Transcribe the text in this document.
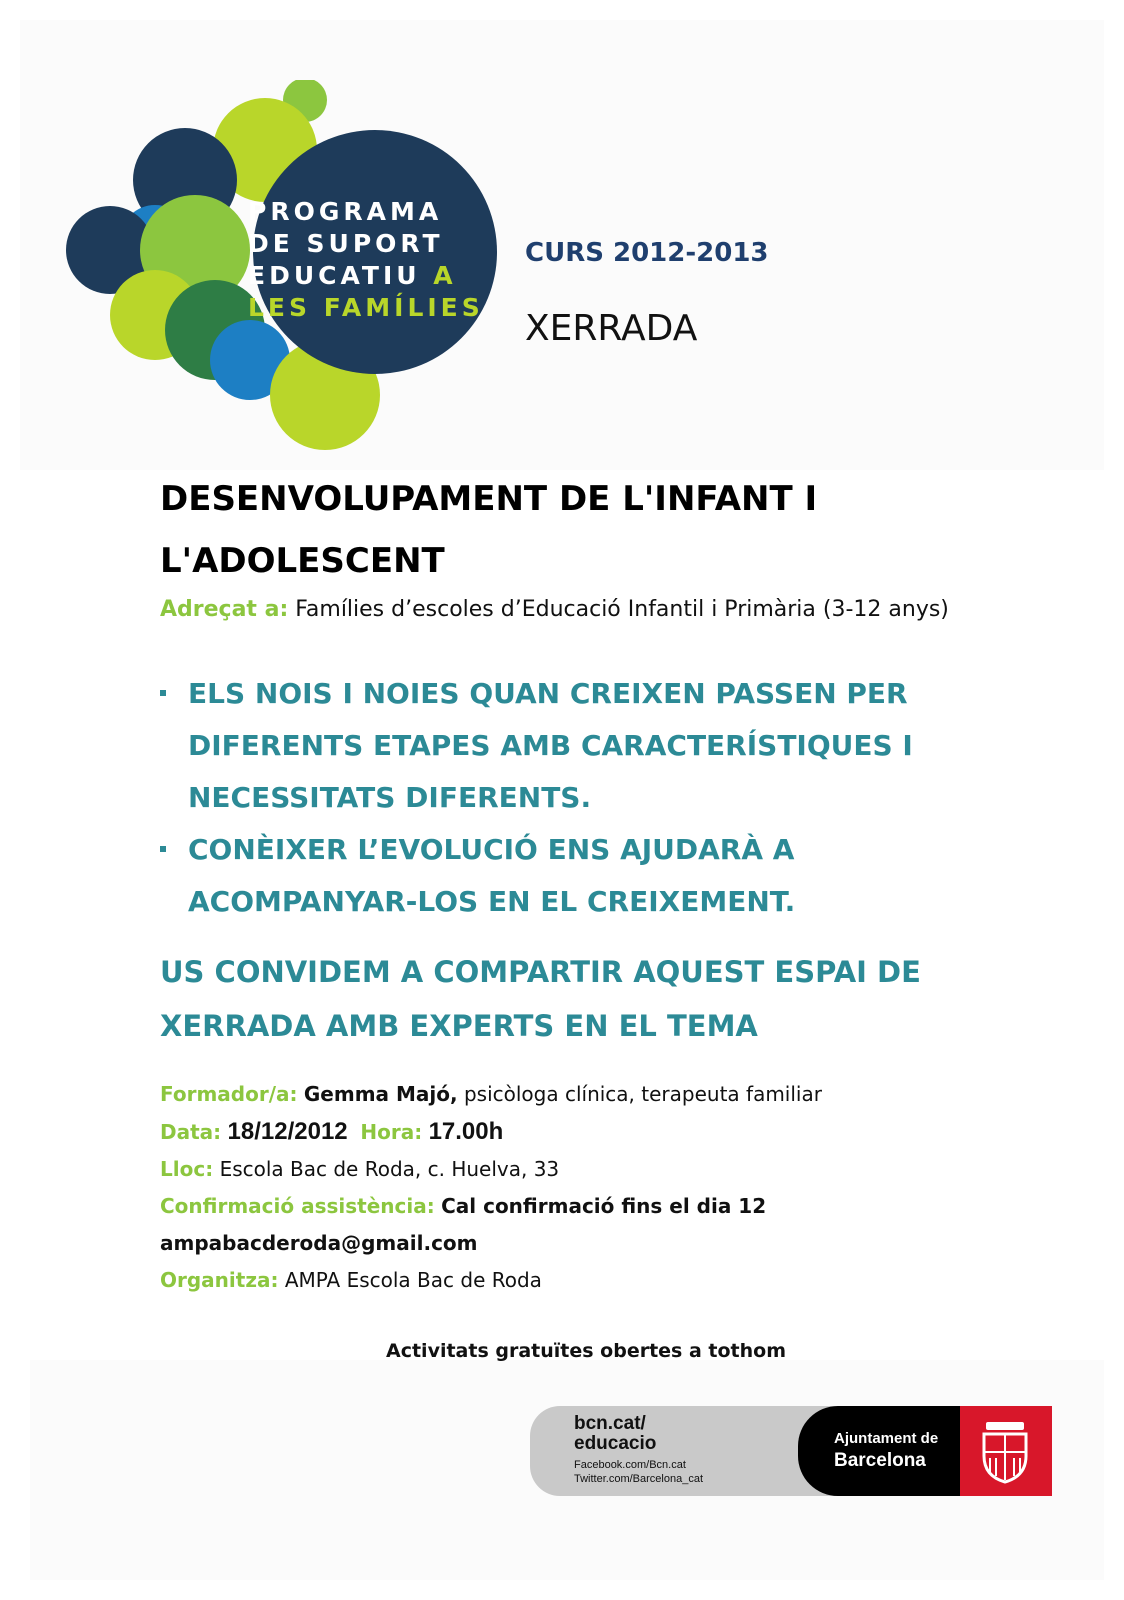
PROGRAMA
DE SUPORT
EDUCATIU A
LES FAMÍLIES
CURS 2012-2013
XERRADA
DESENVOLUPAMENT DE L'INFANT I L'ADOLESCENT
Adreçat a: Famílies d’escoles d’Educació Infantil i Primària (3-12 anys)
ELS NOIS I NOIES QUAN CREIXEN PASSEN PER DIFERENTS ETAPES AMB CARACTERÍSTIQUES I NECESSITATS DIFERENTS.
CONÈIXER L’EVOLUCIÓ ENS AJUDARÀ A ACOMPANYAR-LOS EN EL CREIXEMENT.
US CONVIDEM A COMPARTIR AQUEST ESPAI DE XERRADA AMB EXPERTS EN EL TEMA
Formador/a: Gemma Majó, psicòloga clínica, terapeuta familiar
Data: 18/12/2012 Hora: 17.00h
Lloc: Escola Bac de Roda, c. Huelva, 33
Confirmació assistència: Cal confirmació fins el dia 12
ampabacderoda@gmail.com
Organitza: AMPA Escola Bac de Roda
Activitats gratuïtes obertes a tothom
bcn.cat/
educacio
Facebook.com/Bcn.cat
Twitter.com/Barcelona_cat
Ajuntament de
Barcelona
